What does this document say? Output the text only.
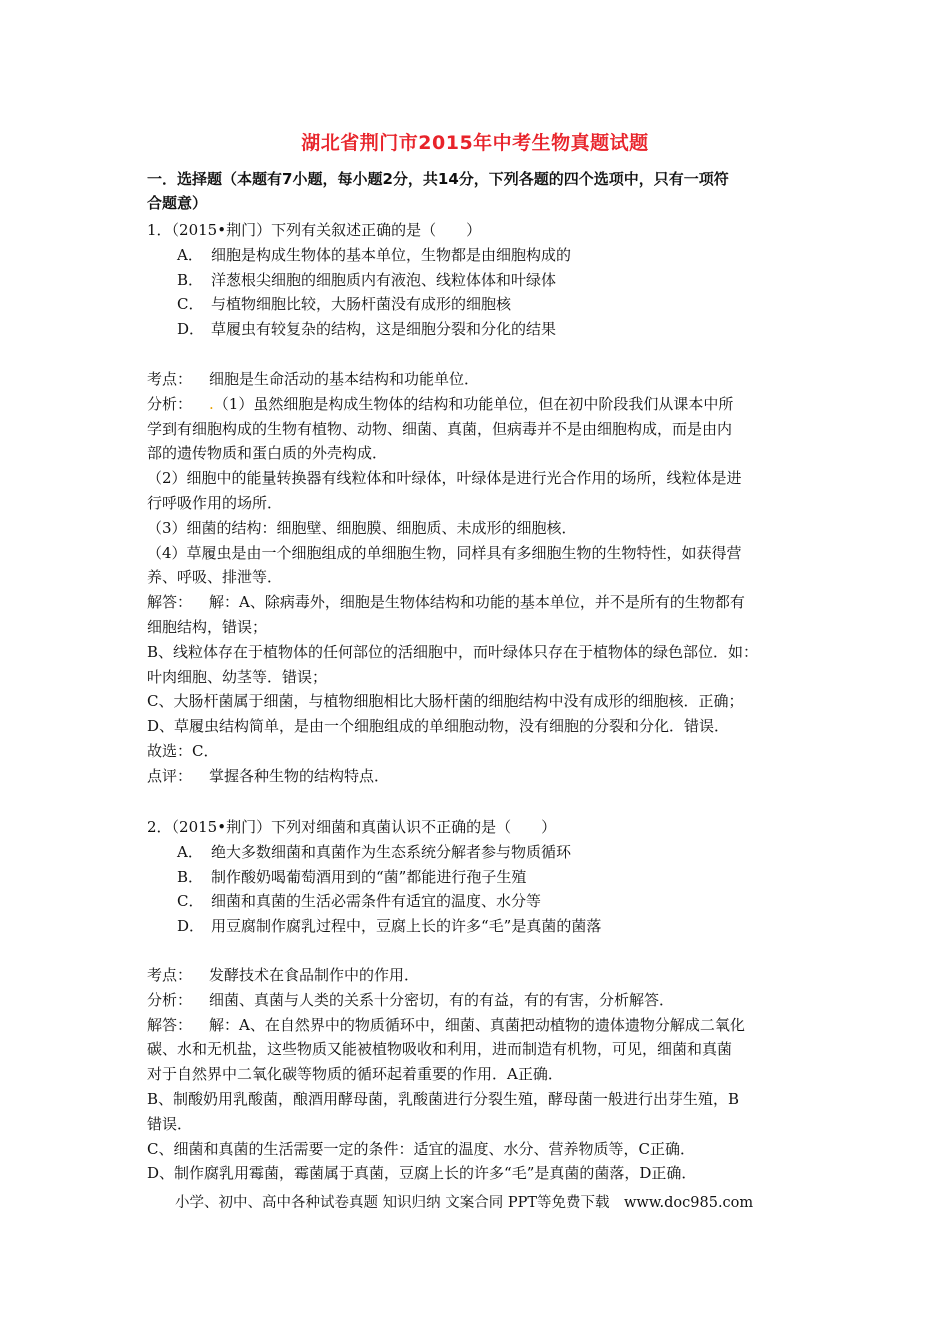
湖北省荆门市2015年中考生物真题试题
一．选择题（本题有7小题，每小题2分，共14分，下列各题的四个选项中，只有一项符
合题意）
1．（2015•荆门）下列有关叙述正确的是（　　）
A． 细胞是构成生物体的基本单位，生物都是由细胞构成的
B． 洋葱根尖细胞的细胞质内有液泡、线粒体体和叶绿体
C． 与植物细胞比较，大肠杆菌没有成形的细胞核
D． 草履虫有较复杂的结构，这是细胞分裂和分化的结果
考点： 细胞是生命活动的基本结构和功能单位．
分析： .（1）虽然细胞是构成生物体的结构和功能单位，但在初中阶段我们从课本中所
学到有细胞构成的生物有植物、动物、细菌、真菌，但病毒并不是由细胞构成，而是由内
部的遗传物质和蛋白质的外壳构成．
（2）细胞中的能量转换器有线粒体和叶绿体，叶绿体是进行光合作用的场所，线粒体是进
行呼吸作用的场所．
（3）细菌的结构：细胞壁、细胞膜、细胞质、未成形的细胞核．
（4）草履虫是由一个细胞组成的单细胞生物，同样具有多细胞生物的生物特性，如获得营
养、呼吸、排泄等．
解答： 解：A、除病毒外，细胞是生物体结构和功能的基本单位，并不是所有的生物都有
细胞结构，错误；
B、线粒体存在于植物体的任何部位的活细胞中，而叶绿体只存在于植物体的绿色部位．如：
叶肉细胞、幼茎等．错误；
C、大肠杆菌属于细菌，与植物细胞相比大肠杆菌的细胞结构中没有成形的细胞核．正确；
D、草履虫结构简单，是由一个细胞组成的单细胞动物，没有细胞的分裂和分化．错误．
故选：C．
点评： 掌握各种生物的结构特点．
2．（2015•荆门）下列对细菌和真菌认识不正确的是（　　）
A． 绝大多数细菌和真菌作为生态系统分解者参与物质循环
B． 制作酸奶喝葡萄酒用到的“菌”都能进行孢子生殖
C． 细菌和真菌的生活必需条件有适宜的温度、水分等
D． 用豆腐制作腐乳过程中，豆腐上长的许多“毛”是真菌的菌落
考点： 发酵技术在食品制作中的作用．
分析： 细菌、真菌与人类的关系十分密切，有的有益，有的有害，分析解答．
解答： 解：A、在自然界中的物质循环中，细菌、真菌把动植物的遗体遗物分解成二氧化
碳、水和无机盐，这些物质又能被植物吸收和利用，进而制造有机物，可见，细菌和真菌
对于自然界中二氧化碳等物质的循环起着重要的作用．A正确．
B、制酸奶用乳酸菌，酿酒用酵母菌，乳酸菌进行分裂生殖，酵母菌一般进行出芽生殖，B
错误．
C、细菌和真菌的生活需要一定的条件：适宜的温度、水分、营养物质等，C正确．
D、制作腐乳用霉菌，霉菌属于真菌，豆腐上长的许多“毛”是真菌的菌落，D正确．
小学、初中、高中各种试卷真题 知识归纳 文案合同 PPT等免费下载　www.doc985.com
